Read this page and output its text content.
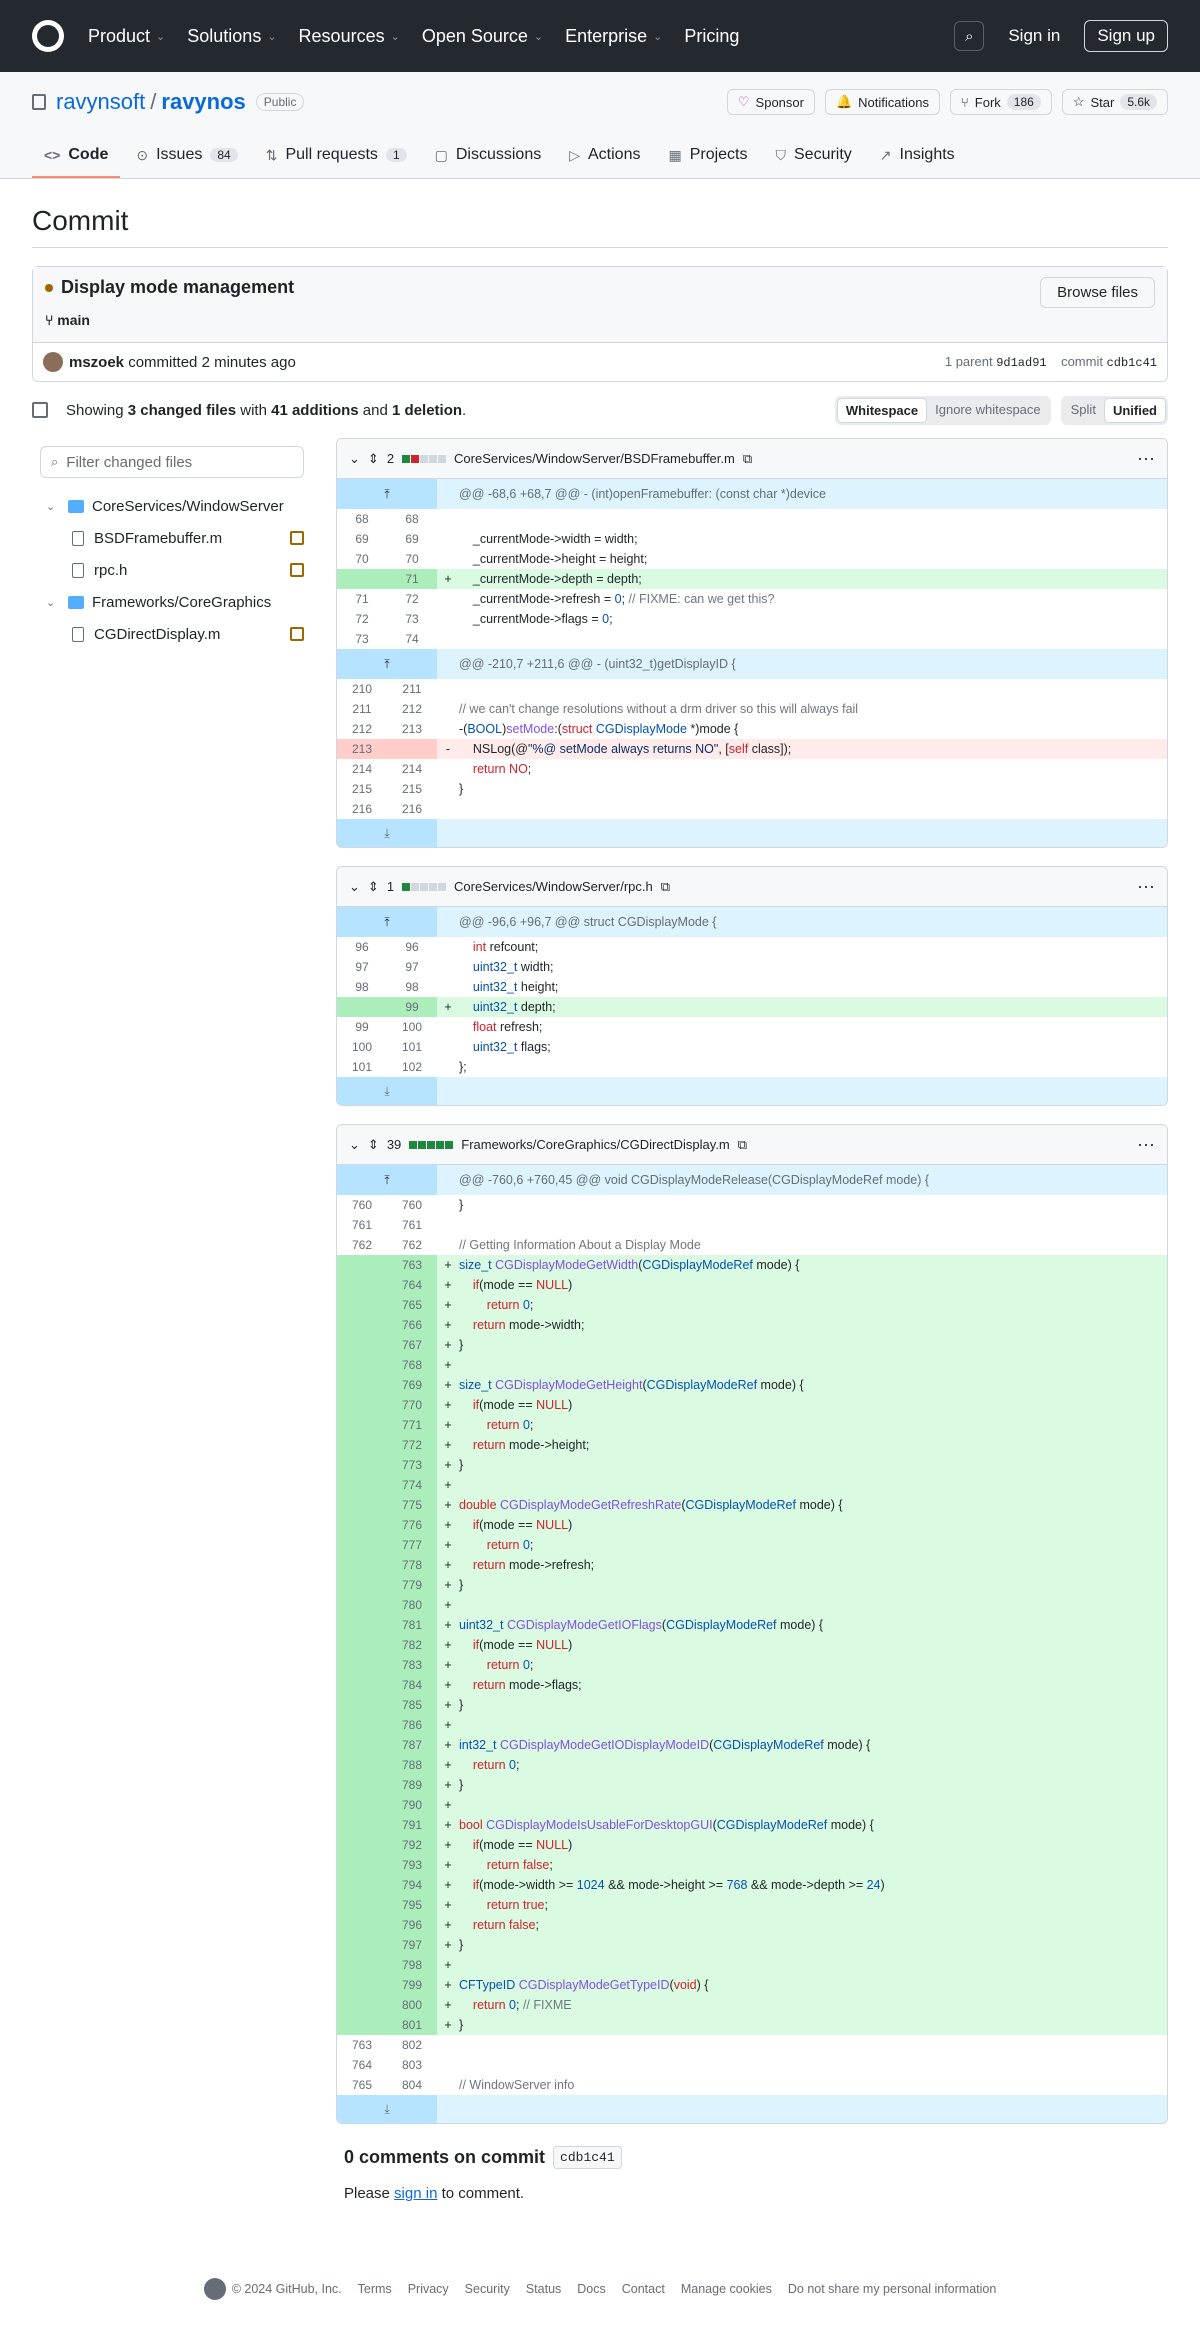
Product ⌄ Solutions ⌄ Resources ⌄ Open Source ⌄ Enterprise ⌄ Pricing	⌕	Sign in	Sign up
ravynsoft / ravynos	Public	♡ Sponsor 🔔 Notifications ⑂ Fork	186	☆ Star	5.6k
<> Code ⊙ Issues	84	⇅ Pull requests	1	▢ Discussions ▷ Actions ▦ Projects ⛉ Security ↗ Insights
Commit
Display mode management
⑂ main
Browse files
mszoek
committed
2 minutes ago	1 parent 9d1ad91 commit cdb1c41
Showing 3 changed files with 41 additions and 1 deletion.	Whitespace	Ignore whitespace	Split	Unified
⌕ Filter changed files
⌄ CoreServices/WindowServer
BSDFramebuffer.m
rpc.h
⌄ Frameworks/CoreGraphics
CGDirectDisplay.m
⌄ ⇕ 2	CoreServices/WindowServer/BSDFramebuffer.m ⧉	···
⤒		@@ -68,6 +68,7 @@ - (int)openFramebuffer: (const char *)device	
68	68		
69	69		_currentMode->width = width;
70	70		_currentMode->height = height;
	71	+	_currentMode->depth = depth;
71	72		_currentMode->refresh = 0; // FIXME: can we get this?
72	73		_currentMode->flags = 0;
73	74		
⤒		@@ -210,7 +211,6 @@ - (uint32_t)getDisplayID {	
210	211		
211	212		// we can't change resolutions without a drm driver so this will always fail
212	213		-(BOOL)setMode:(struct CGDisplayMode *)mode {
213		-	NSLog(@"%@ setMode always returns NO", [self class]);
214	214		return NO;
215	215		}
216	216		
⤓			
⌄ ⇕ 1	CoreServices/WindowServer/rpc.h ⧉	···
⤒		@@ -96,6 +96,7 @@ struct CGDisplayMode {	
96	96		int refcount;
97	97		uint32_t width;
98	98		uint32_t height;
	99	+	uint32_t depth;
99	100		float refresh;
100	101		uint32_t flags;
101	102		};
⤓			
⌄ ⇕ 39	Frameworks/CoreGraphics/CGDirectDisplay.m ⧉	···
⤒		@@ -760,6 +760,45 @@ void CGDisplayModeRelease(CGDisplayModeRef mode) {	
760	760		}
761	761		
762	762		// Getting Information About a Display Mode
	763	+	size_t CGDisplayModeGetWidth(CGDisplayModeRef mode) {
	764	+	if(mode == NULL)
	765	+	return 0;
	766	+	return mode->width;
	767	+	}
	768	+	
	769	+	size_t CGDisplayModeGetHeight(CGDisplayModeRef mode) {
	770	+	if(mode == NULL)
	771	+	return 0;
	772	+	return mode->height;
	773	+	}
	774	+	
	775	+	double CGDisplayModeGetRefreshRate(CGDisplayModeRef mode) {
	776	+	if(mode == NULL)
	777	+	return 0;
	778	+	return mode->refresh;
	779	+	}
	780	+	
	781	+	uint32_t CGDisplayModeGetIOFlags(CGDisplayModeRef mode) {
	782	+	if(mode == NULL)
	783	+	return 0;
	784	+	return mode->flags;
	785	+	}
	786	+	
	787	+	int32_t CGDisplayModeGetIODisplayModeID(CGDisplayModeRef mode) {
	788	+	return 0;
	789	+	}
	790	+	
	791	+	bool CGDisplayModeIsUsableForDesktopGUI(CGDisplayModeRef mode) {
	792	+	if(mode == NULL)
	793	+	return false;
	794	+	if(mode->width >= 1024 && mode->height >= 768 && mode->depth >= 24)
	795	+	return true;
	796	+	return false;
	797	+	}
	798	+	
	799	+	CFTypeID CGDisplayModeGetTypeID(void) {
	800	+	return 0; // FIXME
	801	+	}
763	802		
764	803		
765	804		// WindowServer info
⤓			
0 comments on commit	cdb1c41
Please sign in to comment.
© 2024 GitHub, Inc. Terms Privacy Security Status Docs Contact Manage cookies Do not share my personal information
